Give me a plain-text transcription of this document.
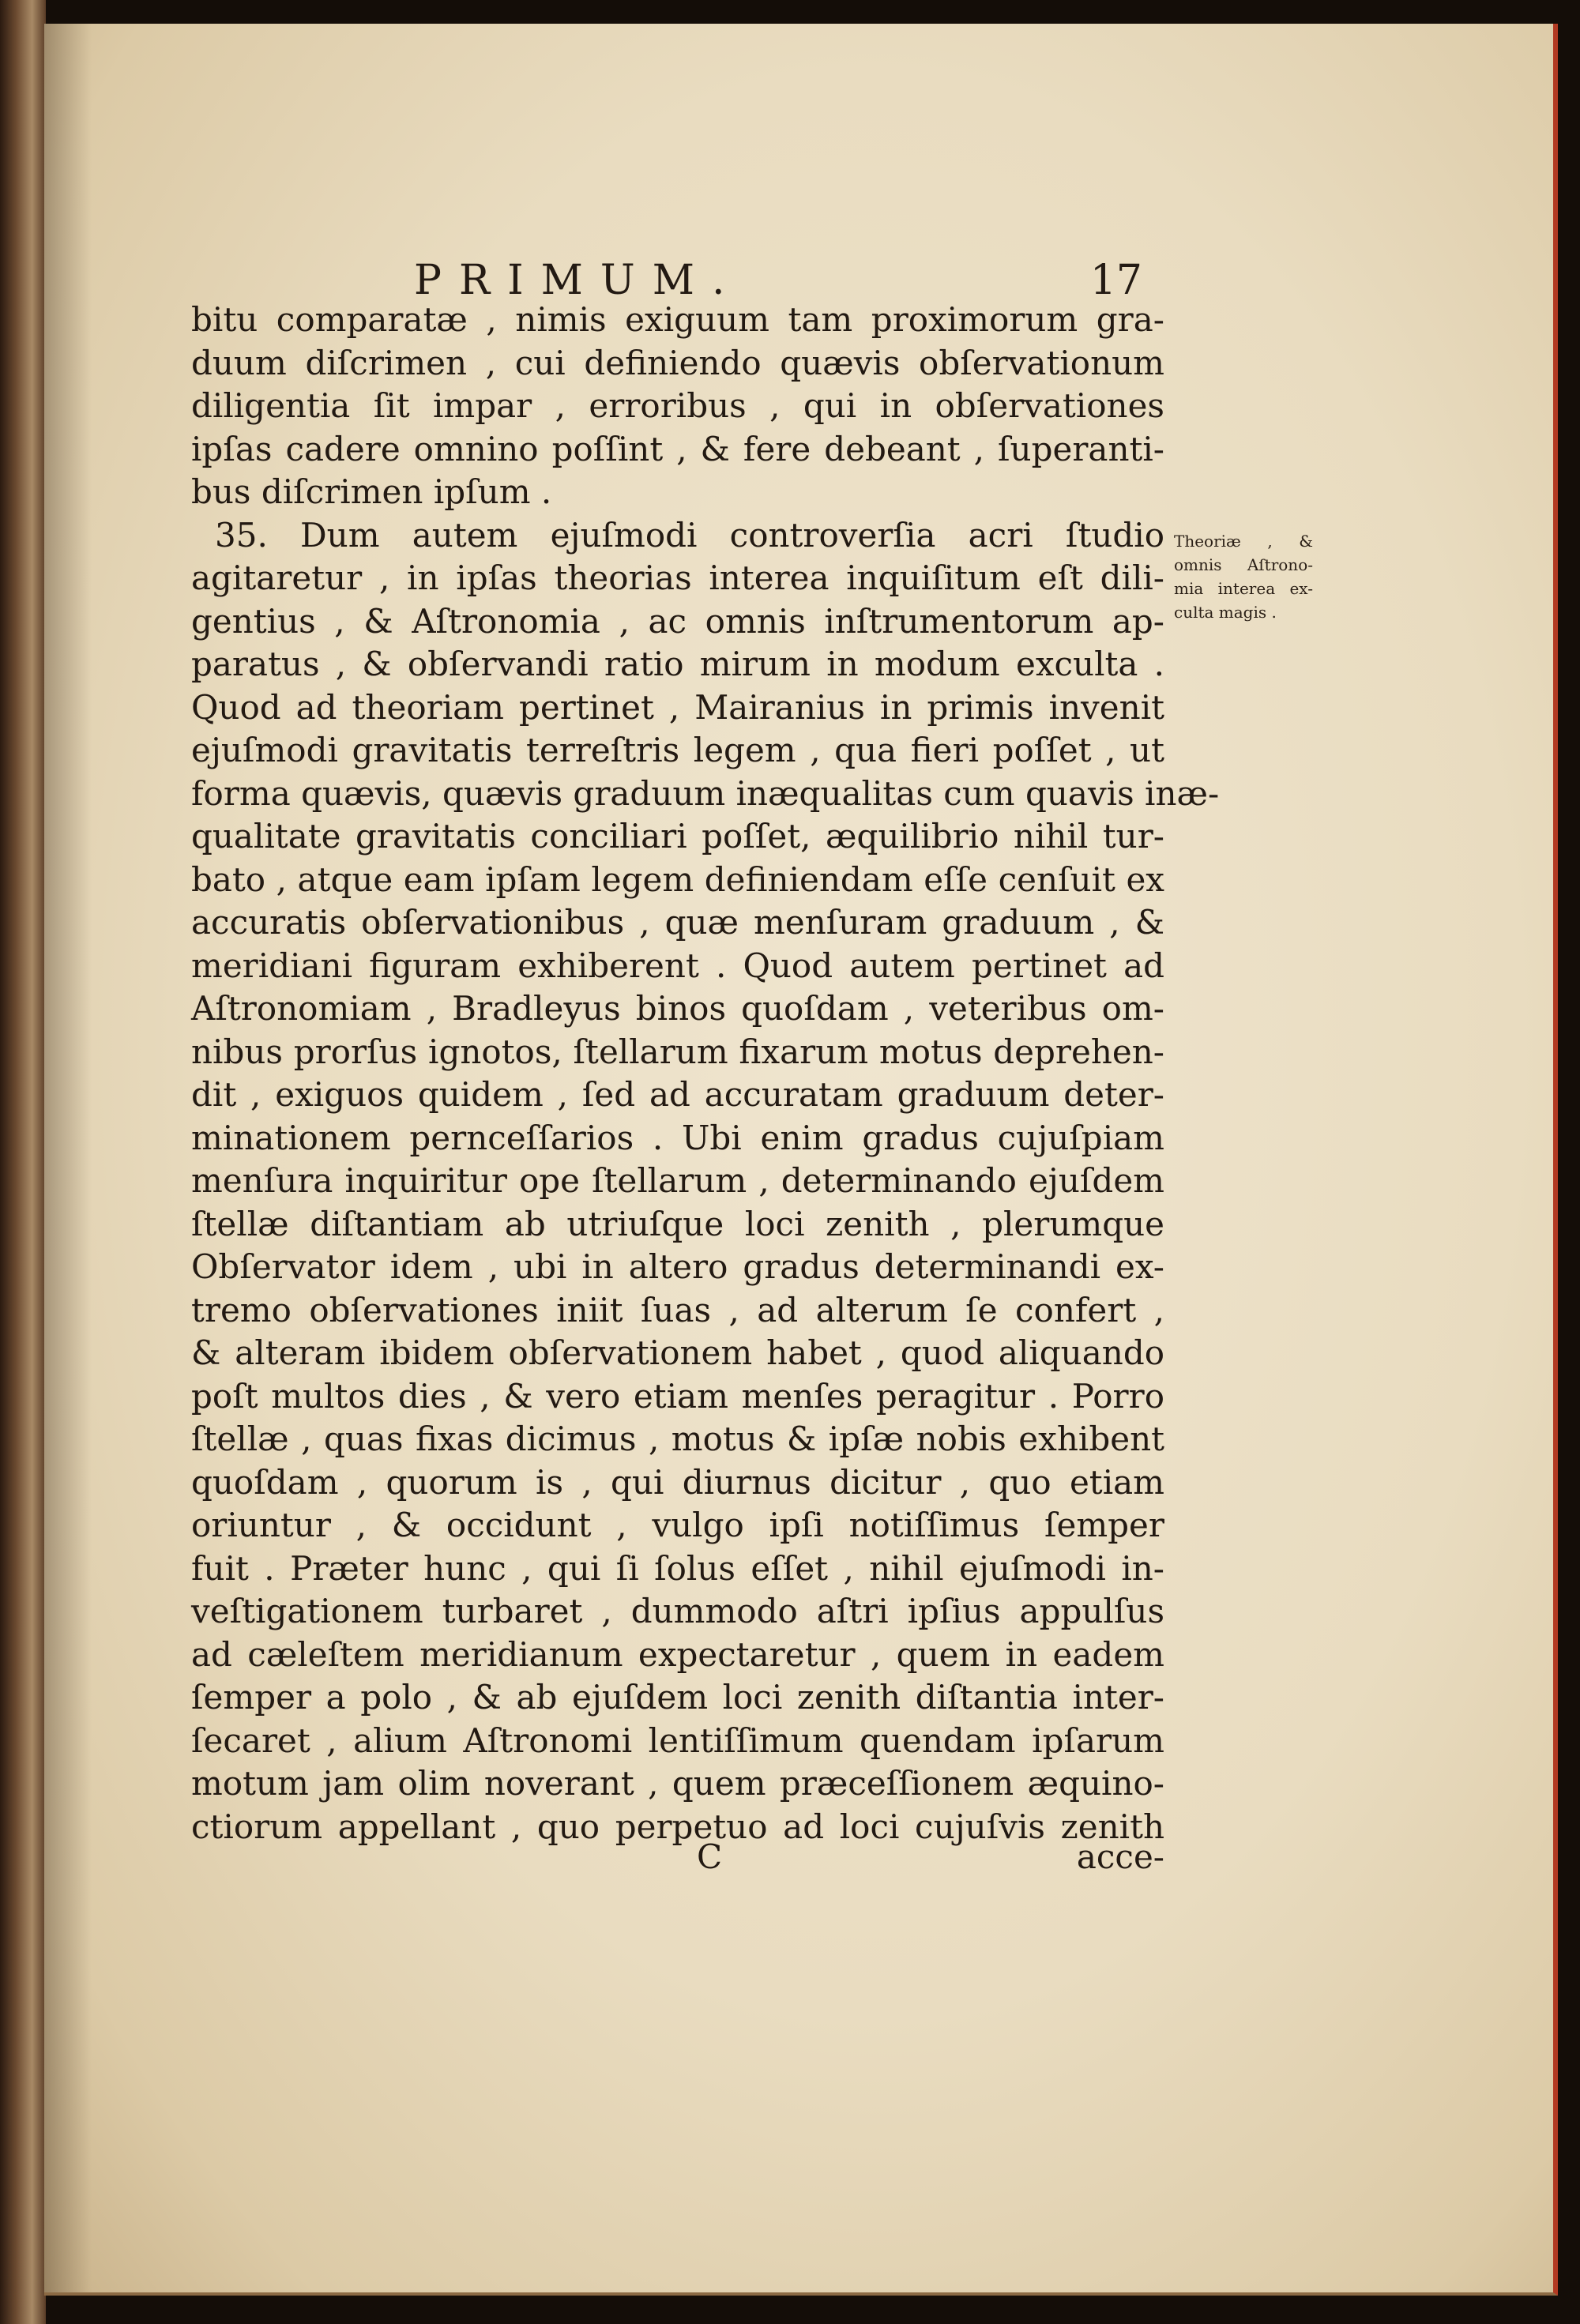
PRIMUM.	17
bitu comparatæ , nimis exiguum tam proximorum gra-
duum diſcrimen , cui definiendo quævis obſervationum
diligentia ſit impar , erroribus , qui in obſervationes
ipſas cadere omnino poſſint , & fere debeant , ſuperanti-
bus diſcrimen ipſum .
35. Dum autem ejuſmodi controverſia acri ſtudio
agitaretur , in ipſas theorias interea inquiſitum eſt dili-
gentius , & Aſtronomia , ac omnis inſtrumentorum ap-
paratus , & obſervandi ratio mirum in modum exculta .
Quod ad theoriam pertinet , Mairanius in primis invenit
ejuſmodi gravitatis terreſtris legem , qua fieri poſſet , ut
forma quævis, quævis graduum inæqualitas cum quavis inæ-
qualitate gravitatis conciliari poſſet, æquilibrio nihil tur-
bato , atque eam ipſam legem definiendam eſſe cenſuit ex
accuratis obſervationibus , quæ menſuram graduum , &
meridiani figuram exhiberent . Quod autem pertinet ad
Aſtronomiam , Bradleyus binos quoſdam , veteribus om-
nibus prorſus ignotos, ſtellarum fixarum motus deprehen-
dit , exiguos quidem , ſed ad accuratam graduum deter-
minationem pernceſſarios . Ubi enim gradus cujuſpiam
menſura inquiritur ope ſtellarum , determinando ejuſdem
ſtellæ diſtantiam ab utriuſque loci zenith , plerumque
Obſervator idem , ubi in altero gradus determinandi ex-
tremo obſervationes iniit ſuas , ad alterum ſe confert ,
& alteram ibidem obſervationem habet , quod aliquando
poſt multos dies , & vero etiam menſes peragitur . Porro
ſtellæ , quas fixas dicimus , motus & ipſæ nobis exhibent
quoſdam , quorum is , qui diurnus dicitur , quo etiam
oriuntur , & occidunt , vulgo ipſi notiſſimus ſemper
fuit . Præter hunc , qui ſi ſolus eſſet , nihil ejuſmodi in-
veſtigationem turbaret , dummodo aſtri ipſius appulſus
ad cæleſtem meridianum expectaretur , quem in eadem
ſemper a polo , & ab ejuſdem loci zenith diſtantia inter-
ſecaret , alium Aſtronomi lentiſſimum quendam ipſarum
motum jam olim noverant , quem præceſſionem æquino-
ctiorum appellant , quo perpetuo ad loci cujuſvis zenith
Theoriæ , &
omnis Aſtrono-
mia interea ex-
culta magis .
C	acce-
